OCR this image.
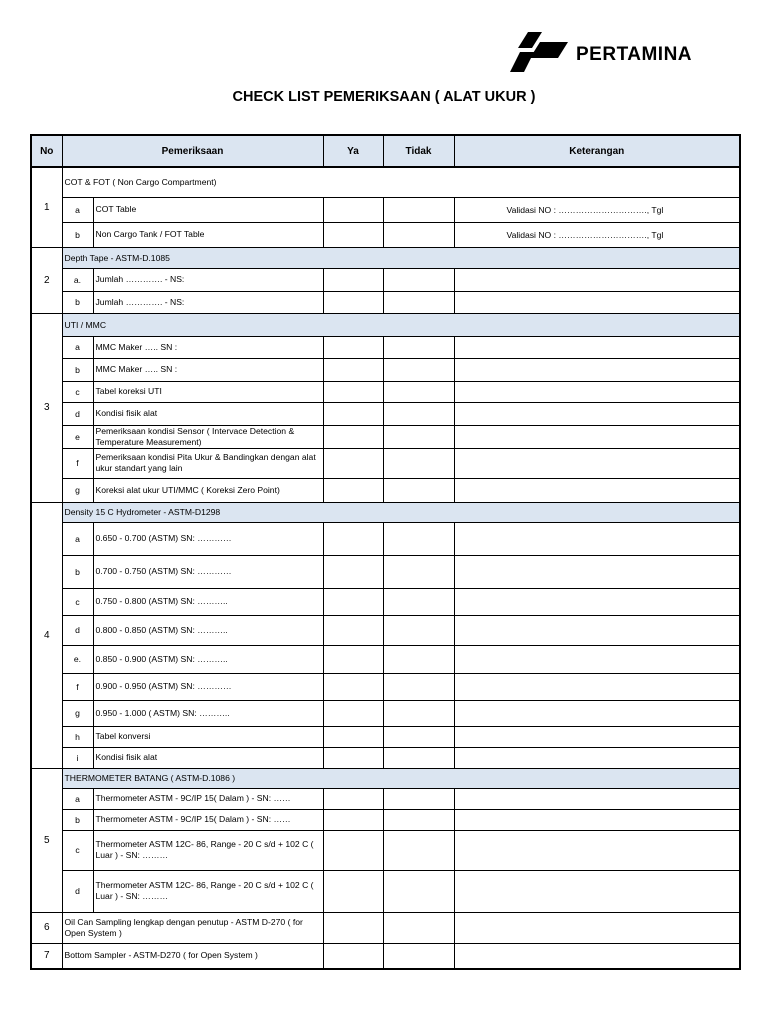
PERTAMINA
CHECK LIST PEMERIKSAAN ( ALAT UKUR )
No	Pemeriksaan		Ya	Tidak	Keterangan
1	COT & FOT ( Non Cargo Compartment)				
	a	COT Table			Validasi NO : …………………………., Tgl
	b	Non Cargo Tank / FOT Table			Validasi NO : …………………………., Tgl
2	Depth Tape - ASTM-D.1085				
	a.	Jumlah …………. - NS:			
	b	Jumlah …………. - NS:			
3	UTI / MMC				
	a	MMC Maker ….. SN :			
	b	MMC Maker ….. SN :			
	c	Tabel koreksi UTI			
	d	Kondisi fisik alat			
	e	Pemeriksaan kondisi Sensor ( Intervace Detection & Temperature Measurement)			
	f	Pemeriksaan kondisi Pita Ukur & Bandingkan dengan alat ukur standart yang lain			
	g	Koreksi alat ukur UTI/MMC ( Koreksi Zero Point)			
4	Density 15 C Hydrometer - ASTM-D1298				
	a	0.650 - 0.700 (ASTM) SN: …………			
	b	0.700 - 0.750 (ASTM) SN: …………			
	c	0.750 - 0.800 (ASTM) SN: ………..			
	d	0.800 - 0.850 (ASTM) SN: ………..			
	e.	0.850 - 0.900 (ASTM) SN: ………..			
	f	0.900 - 0.950 (ASTM) SN: …………			
	g	0.950 - 1.000 ( ASTM) SN: ………..			
	h	Tabel konversi			
	i	Kondisi fisik alat			
5	THERMOMETER BATANG ( ASTM-D.1086 )				
	a	Thermometer ASTM - 9C/IP 15( Dalam ) - SN: ……			
	b	Thermometer ASTM - 9C/IP 15( Dalam ) - SN: ……			
	c	Thermometer ASTM 12C- 86, Range - 20 C s/d + 102 C ( Luar ) - SN: ………			
	d	Thermometer ASTM 12C- 86, Range - 20 C s/d + 102 C ( Luar ) - SN: ………			
6	Oil Can Sampling lengkap dengan penutup - ASTM D-270 ( for Open System )				
7	Bottom Sampler - ASTM-D270 ( for Open System )				
